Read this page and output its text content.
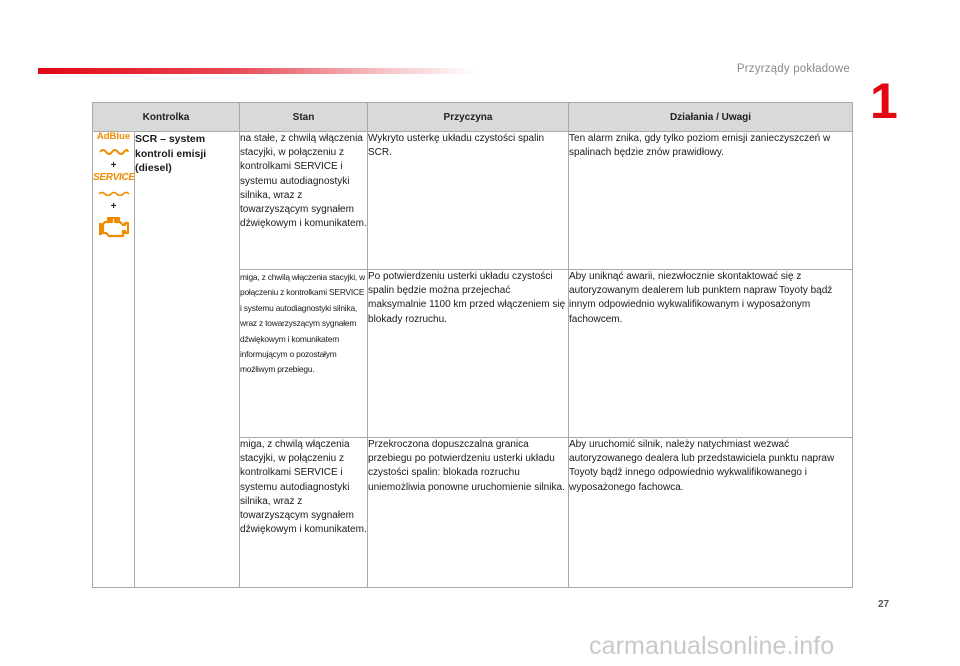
Przyrządy pokładowe
1
Kontrolka		Stan	Przyczyna	Działania / Uwagi

AdBlue
+
SERVICE
+	SCR – system kontroli emisji (diesel)	na stałe, z chwilą włączenia stacyjki, w połączeniu z kontrolkami SERVICE i systemu autodiagnostyki silnika, wraz z towarzyszącym sygnałem dźwiękowym i komunikatem.	Wykryto usterkę układu czystości spalin SCR.	Ten alarm znika, gdy tylko poziom emisji zanieczyszczeń w spalinach będzie znów prawidłowy.
		miga, z chwilą włączenia stacyjki, w połączeniu z kontrolkami SERVICE i systemu autodiagnostyki silnika, wraz z towarzyszącym sygnałem dźwiękowym i komunikatem informującym o pozostałym możliwym przebiegu.	Po potwierdzeniu usterki układu czystości spalin będzie można przejechać maksymalnie 1100 km przed włączeniem się blokady rozruchu.	Aby uniknąć awarii, niezwłocznie skontaktować się z autoryzowanym dealerem lub punktem napraw Toyoty bądź innym odpowiednio wykwalifikowanym i wyposażonym fachowcem.
		miga, z chwilą włączenia stacyjki, w połączeniu z kontrolkami SERVICE i systemu autodiagnostyki silnika, wraz z towarzyszącym sygnałem dźwiękowym i komunikatem.	Przekroczona dopuszczalna granica przebiegu po potwierdzeniu usterki układu czystości spalin: blokada rozruchu uniemożliwia ponowne uruchomienie silnika.	Aby uruchomić silnik, należy natychmiast wezwać autoryzowanego dealera lub przedstawiciela punktu napraw Toyoty bądź innego odpowiednio wykwalifikowanego i wyposażonego fachowca.
27
carmanualsonline.info
